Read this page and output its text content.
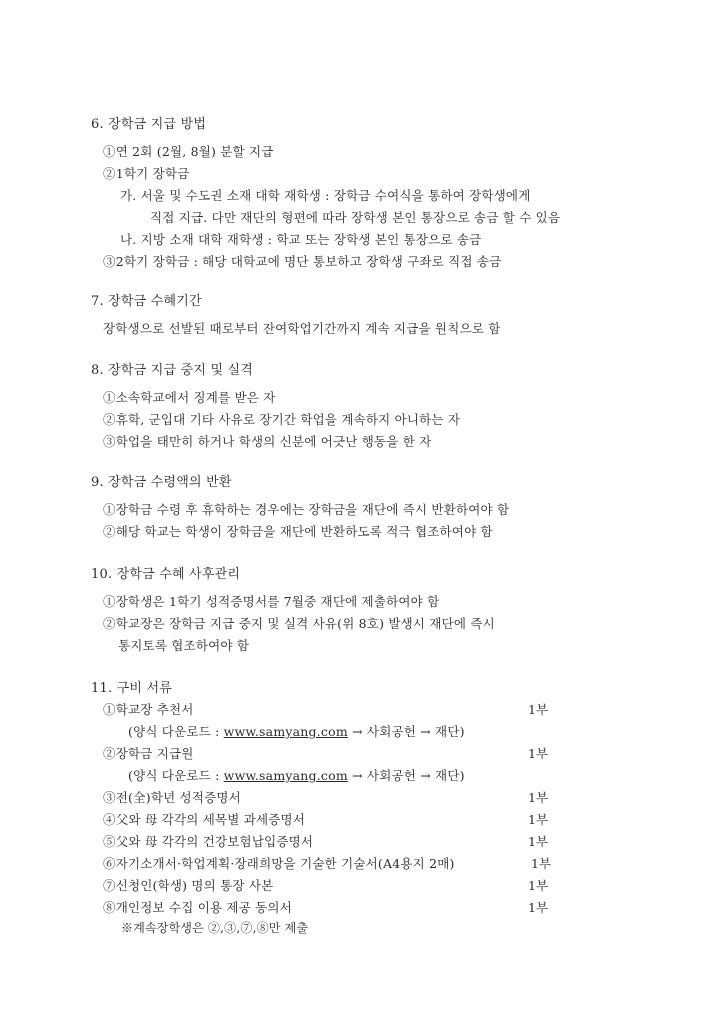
6. 장학금 지급 방법
①연 2회 (2월, 8월) 분할 지급
②1학기 장학금
가. 서울 및 수도권 소재 대학 재학생 : 장학금 수여식을 통하여 장학생에게
직접 지급. 다만 재단의 형편에 따라 장학생 본인 통장으로 송금 할 수 있음
나. 지방 소재 대학 재학생 : 학교 또는 장학생 본인 통장으로 송금
③2학기 장학금 : 해당 대학교에 명단 통보하고 장학생 구좌로 직접 송금
7. 장학금 수혜기간
장학생으로 선발된 때로부터 잔여학업기간까지 계속 지급을 원칙으로 함
8. 장학금 지급 중지 및 실격
①소속학교에서 징계를 받은 자
②휴학, 군입대 기타 사유로 장기간 학업을 계속하지 아니하는 자
③학업을 태만히 하거나 학생의 신분에 어긋난 행동을 한 자
9. 장학금 수령액의 반환
①장학금 수령 후 휴학하는 경우에는 장학금을 재단에 즉시 반환하여야 함
②해당 학교는 학생이 장학금을 재단에 반환하도록 적극 협조하여야 함
10. 장학금 수혜 사후관리
①장학생은 1학기 성적증명서를 7월중 재단에 제출하여야 함
②학교장은 장학금 지급 중지 및 실격 사유(위 8호) 발생시 재단에 즉시
통지토록 협조하여야 함
11. 구비 서류
①학교장 추천서	1부
(양식 다운로드 : www.samyang.com → 사회공헌 → 재단)
②장학금 지급원	1부
(양식 다운로드 : www.samyang.com → 사회공헌 → 재단)
③전(全)학년 성적증명서	1부
④父와 母 각각의 세목별 과세증명서	1부
⑤父와 母 각각의 건강보험납입증명서	1부
⑥자기소개서·학업계획·장래희망을 기술한 기술서(A4용지 2매)	1부
⑦신청인(학생) 명의 통장 사본	1부
⑧개인정보 수집 이용 제공 동의서	1부
※계속장학생은 ②,③,⑦,⑧만 제출
